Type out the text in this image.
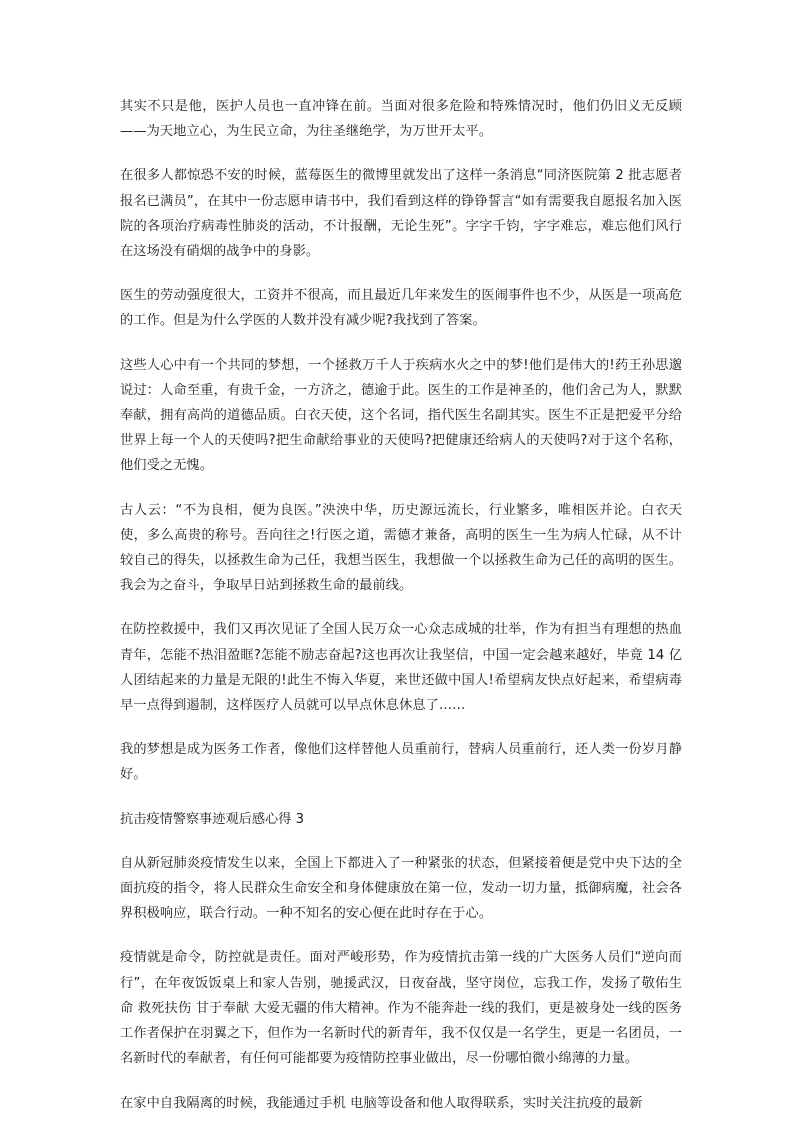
其实不只是他，医护人员也一直冲锋在前。当面对很多危险和特殊情况时，他们仍旧义无反顾——为天地立心，为生民立命，为往圣继绝学，为万世开太平。

在很多人都惊恐不安的时候，蓝莓医生的微博里就发出了这样一条消息“同济医院第 2 批志愿者报名已满员”，在其中一份志愿申请书中，我们看到这样的铮铮誓言“如有需要我自愿报名加入医院的各项治疗病毒性肺炎的活动，不计报酬，无论生死”。字字千钧，字字难忘，难忘他们风行在这场没有硝烟的战争中的身影。

医生的劳动强度很大，工资并不很高，而且最近几年来发生的医闹事件也不少，从医是一项高危的工作。但是为什么学医的人数并没有减少呢?我找到了答案。

这些人心中有一个共同的梦想，一个拯救万千人于疾病水火之中的梦!他们是伟大的!药王孙思邈说过：人命至重，有贵千金，一方济之，德逾于此。医生的工作是神圣的，他们舍己为人，默默奉献，拥有高尚的道德品质。白衣天使，这个名词，指代医生名副其实。医生不正是把爱平分给世界上每一个人的天使吗?把生命献给事业的天使吗?把健康还给病人的天使吗?对于这个名称，他们受之无愧。

古人云：“不为良相，便为良医。”泱泱中华，历史源远流长，行业繁多，唯相医并论。白衣天使，多么高贵的称号。吾向往之!行医之道，需德才兼备，高明的医生一生为病人忙碌，从不计较自己的得失，以拯救生命为己任，我想当医生，我想做一个以拯救生命为己任的高明的医生。我会为之奋斗，争取早日站到拯救生命的最前线。

在防控救援中，我们又再次见证了全国人民万众一心众志成城的壮举，作为有担当有理想的热血青年，怎能不热泪盈眶?怎能不励志奋起?这也再次让我坚信，中国一定会越来越好，毕竟 14 亿人团结起来的力量是无限的!此生不悔入华夏，来世还做中国人!希望病友快点好起来，希望病毒早一点得到遏制，这样医疗人员就可以早点休息休息了……

我的梦想是成为医务工作者，像他们这样替他人员重前行，替病人员重前行，还人类一份岁月静好。

抗击疫情警察事迹观后感心得 3

自从新冠肺炎疫情发生以来，全国上下都进入了一种紧张的状态，但紧接着便是党中央下达的全面抗疫的指令，将人民群众生命安全和身体健康放在第一位，发动一切力量，抵御病魔，社会各界积极响应，联合行动。一种不知名的安心便在此时存在于心。

疫情就是命令，防控就是责任。面对严峻形势，作为疫情抗击第一线的广大医务人员们“逆向而行”，在年夜饭饭桌上和家人告别，驰援武汉，日夜奋战，坚守岗位，忘我工作，发扬了敬佑生命 救死扶伤 甘于奉献 大爱无疆的伟大精神。作为不能奔赴一线的我们，更是被身处一线的医务工作者保护在羽翼之下，但作为一名新时代的新青年，我不仅仅是一名学生，更是一名团员，一名新时代的奉献者，有任何可能都要为疫情防控事业做出，尽一份哪怕微小绵薄的力量。

在家中自我隔离的时候，我能通过手机 电脑等设备和他人取得联系，实时关注抗疫的最新
